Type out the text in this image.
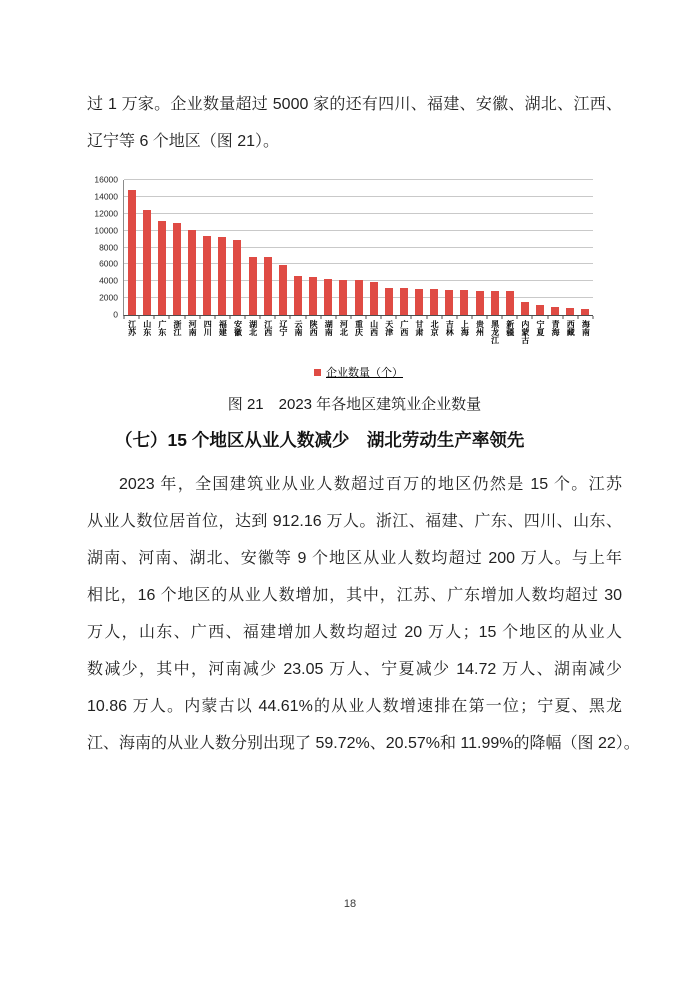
过 1 万家。企业数量超过 5000 家的还有四川、福建、安徽、湖北、江西、
辽宁等 6 个地区（图 21）。
0
2000
4000
6000
8000
10000
12000
14000
16000
江苏 山东 广东 浙江 河南 四川 福建 安徽 湖北 江西 辽宁 云南 陕西 湖南 河北 重庆 山西 天津 广西 甘肃 北京 吉林 上海 贵州 黑龙江 新疆 内蒙古 宁夏 青海 西藏 海南
企业数量（个）
图 21　2023 年各地区建筑业企业数量
（七）15 个地区从业人数减少　湖北劳动生产率领先
2023 年，全国建筑业从业人数超过百万的地区仍然是 15 个。江苏
从业人数位居首位，达到 912.16 万人。浙江、福建、广东、四川、山东、
湖南、河南、湖北、安徽等 9 个地区从业人数均超过 200 万人。与上年
相比，16 个地区的从业人数增加，其中，江苏、广东增加人数均超过 30
万人，山东、广西、福建增加人数均超过 20 万人；15 个地区的从业人
数减少，其中，河南减少 23.05 万人、宁夏减少 14.72 万人、湖南减少
10.86 万人。内蒙古以 44.61%的从业人数增速排在第一位；宁夏、黑龙
江、海南的从业人数分别出现了 59.72%、20.57%和 11.99%的降幅（图 22）。
18
